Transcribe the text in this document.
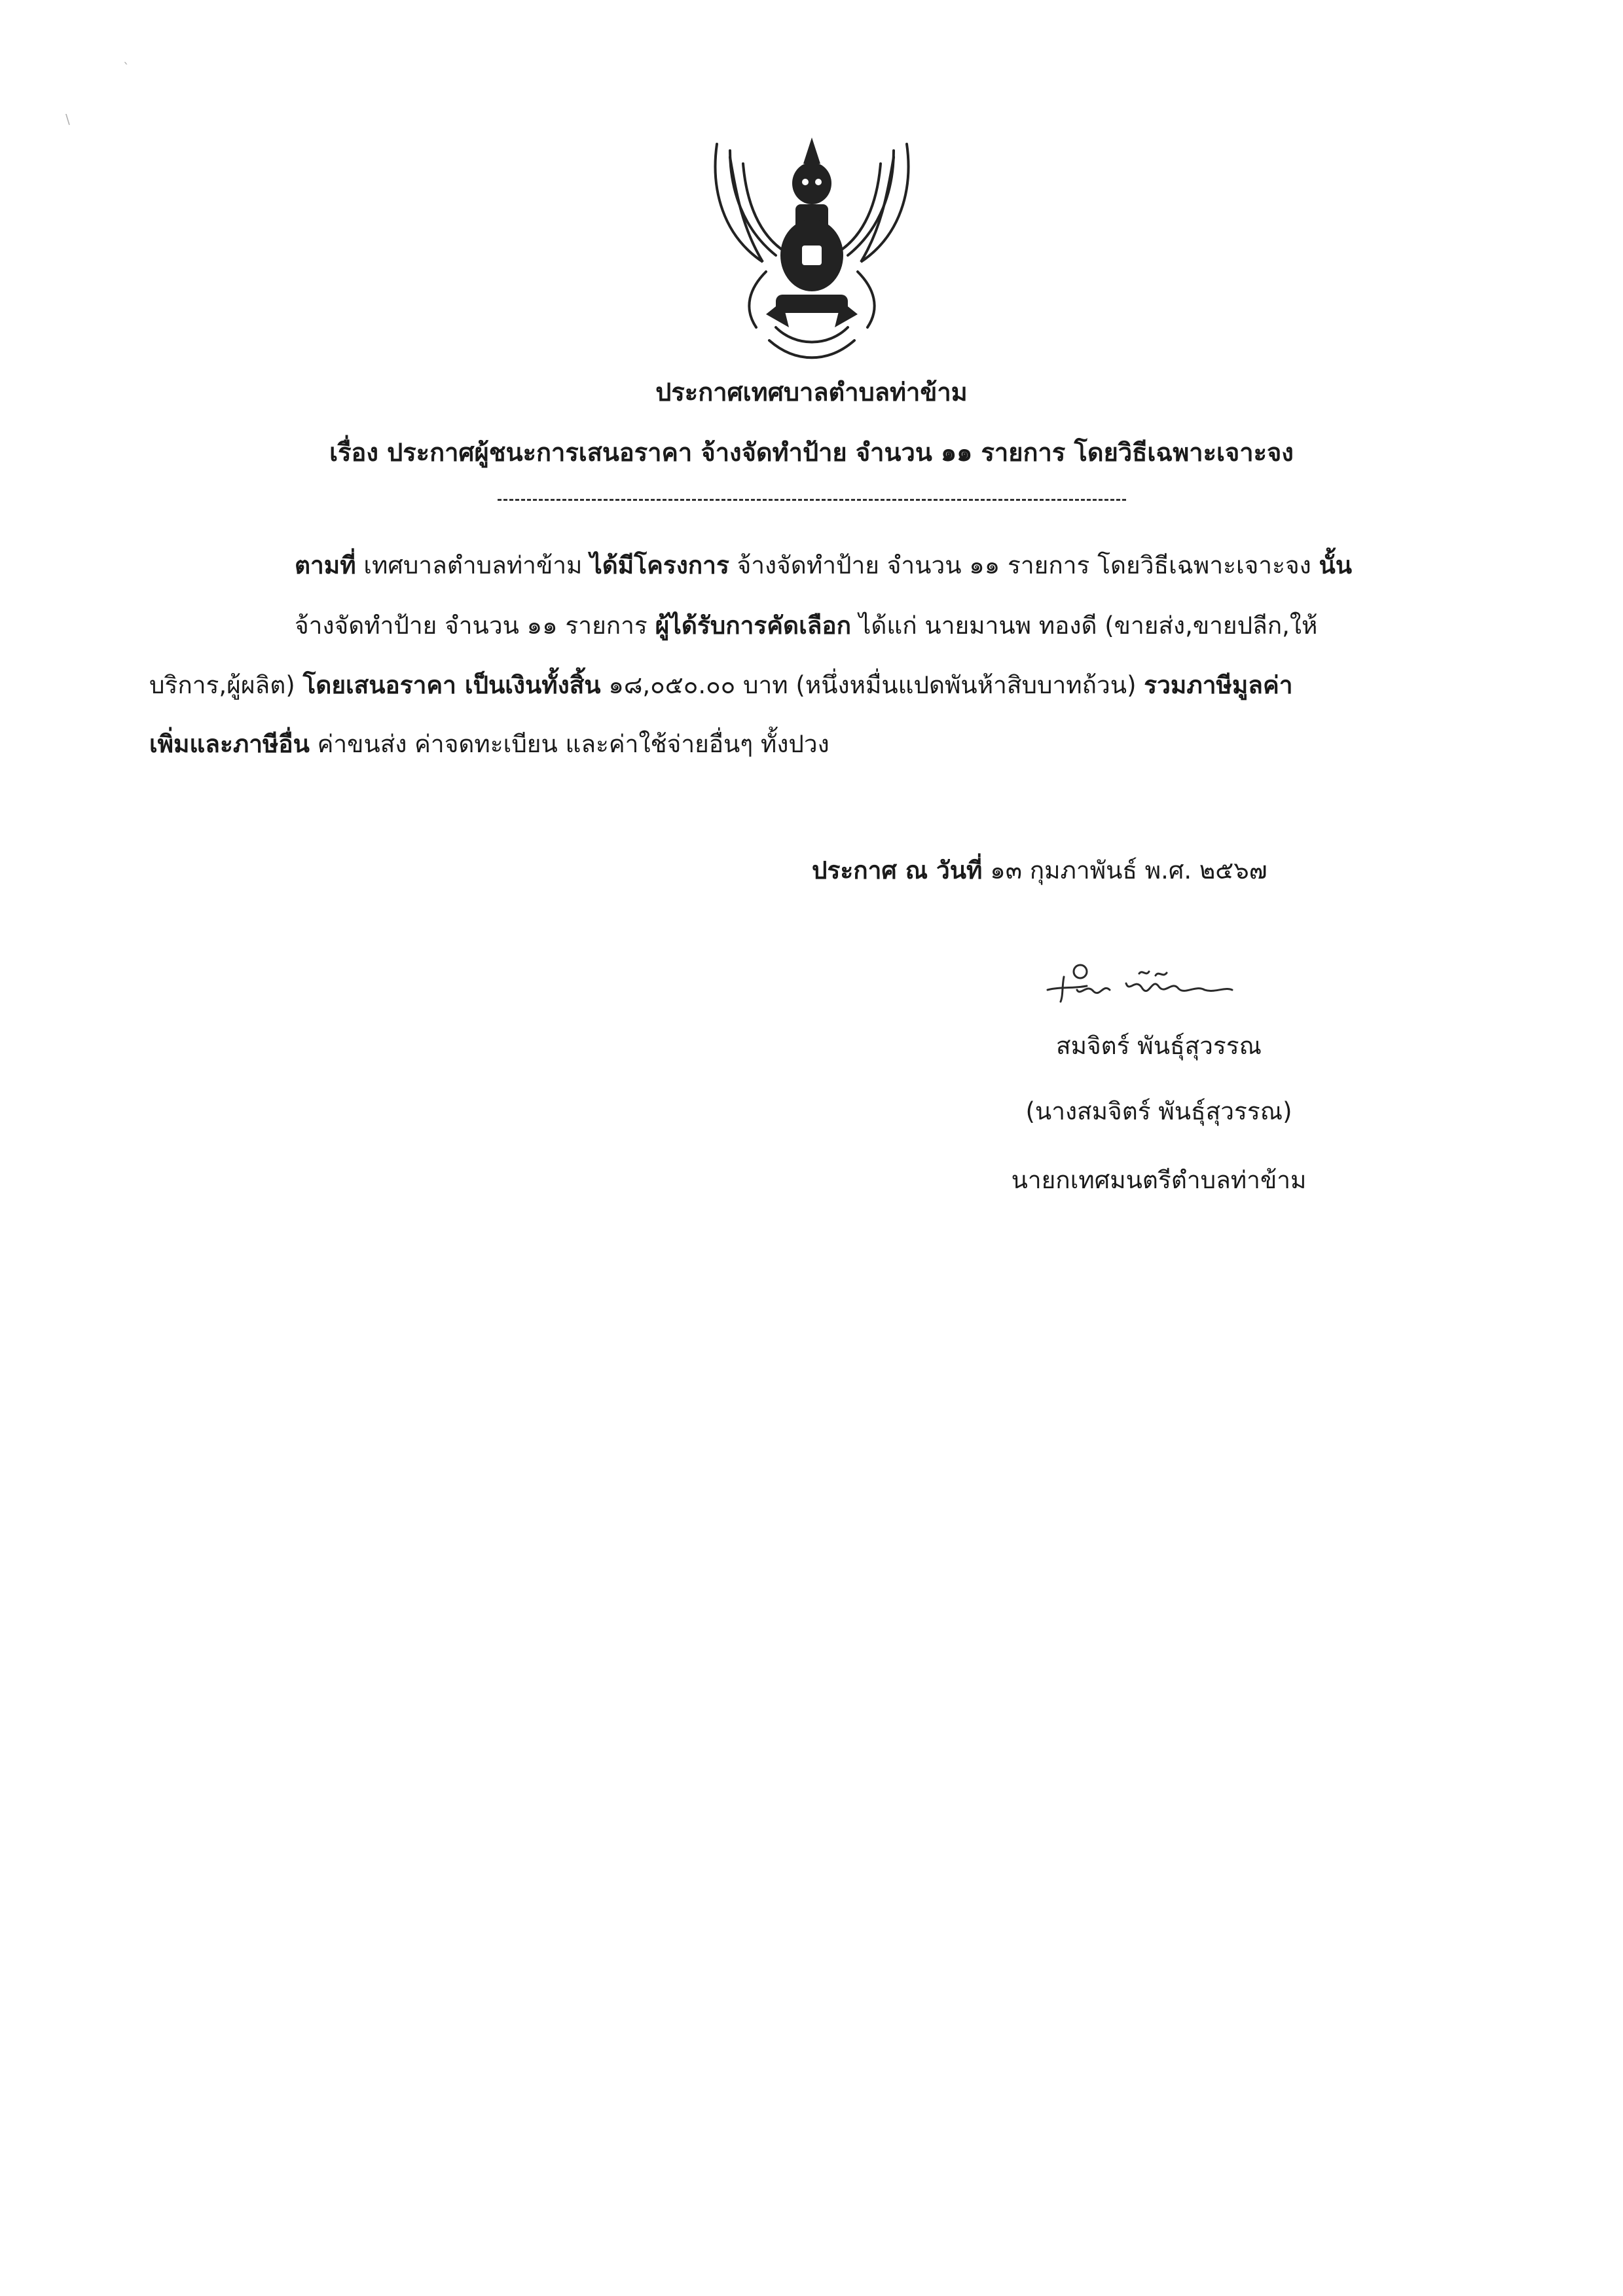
ˋ
\
ประกาศเทศบาลตำบลท่าข้าม
เรื่อง ประกาศผู้ชนะการเสนอราคา จ้างจัดทำป้าย จำนวน ๑๑ รายการ โดยวิธีเฉพาะเจาะจง
ตามที่ เทศบาลตำบลท่าข้าม ได้มีโครงการ จ้างจัดทำป้าย จำนวน ๑๑ รายการ โดยวิธีเฉพาะเจาะจง นั้น
จ้างจัดทำป้าย จำนวน ๑๑ รายการ ผู้ได้รับการคัดเลือก ได้แก่ นายมานพ ทองดี (ขายส่ง,ขายปลีก,ให้
บริการ,ผู้ผลิต) โดยเสนอราคา เป็นเงินทั้งสิ้น ๑๘,๐๕๐.๐๐ บาท (หนึ่งหมื่นแปดพันห้าสิบบาทถ้วน) รวมภาษีมูลค่า
เพิ่มและภาษีอื่น ค่าขนส่ง ค่าจดทะเบียน และค่าใช้จ่ายอื่นๆ ทั้งปวง
ประกาศ ณ วันที่ ๑๓ กุมภาพันธ์ พ.ศ. ๒๕๖๗
สมจิตร์ พันธุ์สุวรรณ
(นางสมจิตร์ พันธุ์สุวรรณ)
นายกเทศมนตรีตำบลท่าข้าม
